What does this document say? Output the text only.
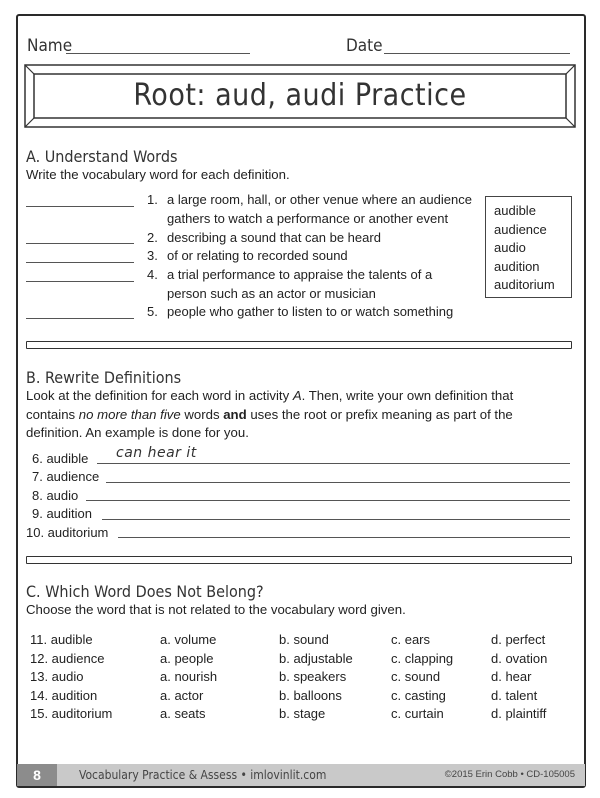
Name	Date
Root: aud, audi Practice
A. Understand Words
Write the vocabulary word for each definition.
1. a large room, hall, or other venue where an audience
gathers to watch a performance or another event
2. describing a sound that can be heard
3. of or relating to recorded sound
4. a trial performance to appraise the talents of a
person such as an actor or musician
5. people who gather to listen to or watch something
audible
audience
audio
audition
auditorium
B. Rewrite Definitions
Look at the definition for each word in activity A. Then, write your own definition that
contains no more than five words and uses the root or prefix meaning as part of the
definition. An example is done for you.
6. audible can hear it
7. audience
8. audio
9. audition
10. auditorium
C. Which Word Does Not Belong?
Choose the word that is not related to the vocabulary word given.
11. audible	a. volume	b. sound	c. ears	d. perfect
12. audience	a. people	b. adjustable	c. clapping	d. ovation
13. audio	a. nourish	b. speakers	c. sound	d. hear
14. audition	a. actor	b. balloons	c. casting	d. talent
15. auditorium	a. seats	b. stage	c. curtain	d. plaintiff
8	Vocabulary Practice & Assess • imlovinlit.com	©2015 Erin Cobb • CD-105005
